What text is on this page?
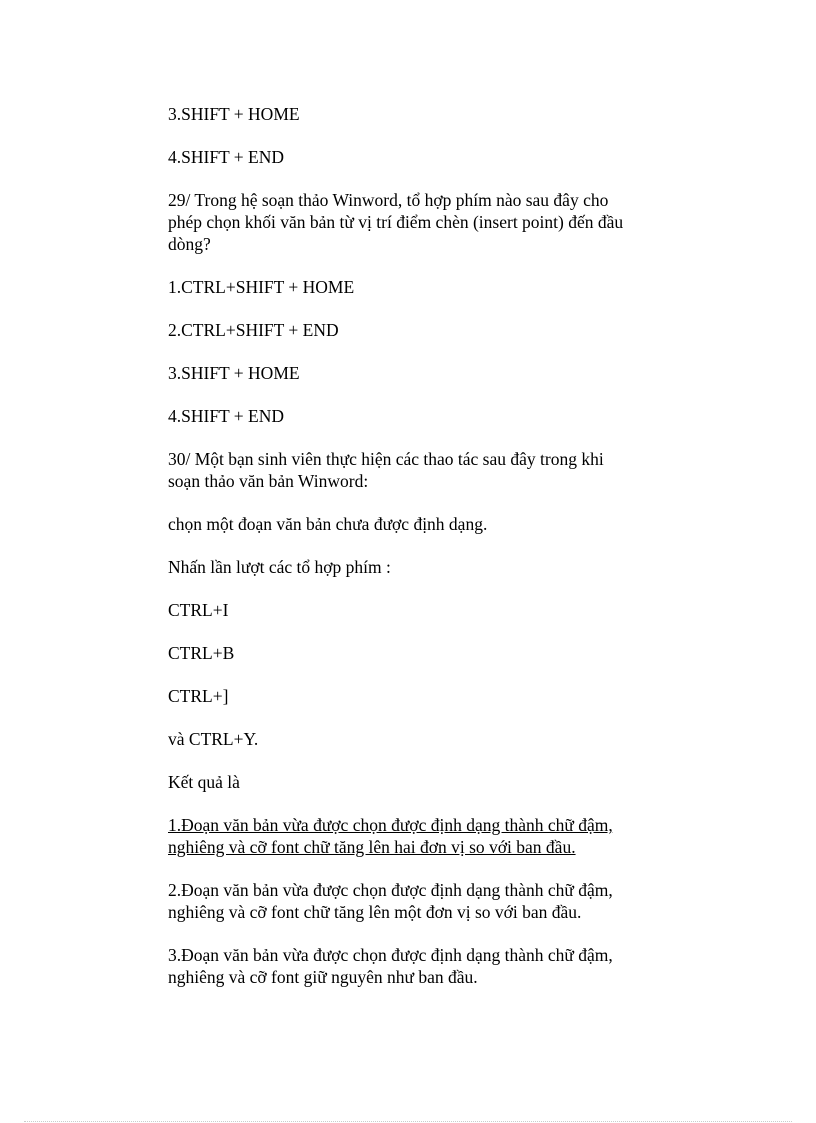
3.SHIFT + HOME

4.SHIFT + END

29/ Trong hệ soạn thảo Winword, tổ hợp phím nào sau đây cho
phép chọn khối văn bản từ vị trí điểm chèn (insert point) đến đầu
dòng?

1.CTRL+SHIFT + HOME

2.CTRL+SHIFT + END

3.SHIFT + HOME

4.SHIFT + END

30/ Một bạn sinh viên thực hiện các thao tác sau đây trong khi
soạn thảo văn bản Winword:

chọn một đoạn văn bản chưa được định dạng.

Nhấn lần lượt các tổ hợp phím :

CTRL+I

CTRL+B

CTRL+]

và CTRL+Y.

Kết quả là

1.Đoạn văn bản vừa được chọn được định dạng thành chữ đậm,
nghiêng và cỡ font chữ tăng lên hai đơn vị so với ban đầu.

2.Đoạn văn bản vừa được chọn được định dạng thành chữ đậm,
nghiêng và cỡ font chữ tăng lên một đơn vị so với ban đầu.

3.Đoạn văn bản vừa được chọn được định dạng thành chữ đậm,
nghiêng và cỡ font giữ nguyên như ban đầu.
